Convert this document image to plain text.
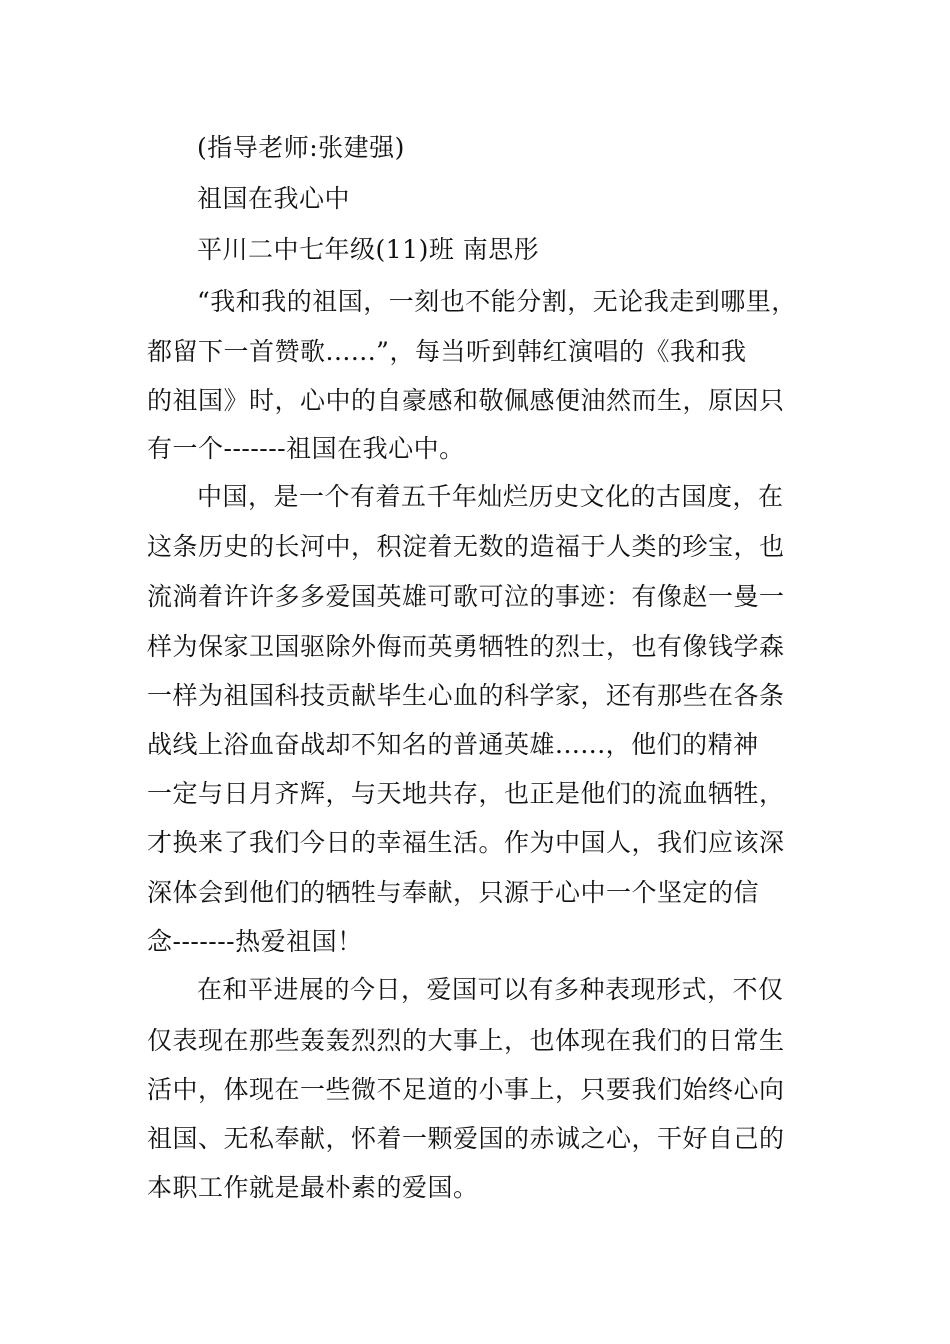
(指导老师:张建强)
祖国在我心中
平川二中七年级(11)班 南思彤
“我和我的祖国，一刻也不能分割，无论我走到哪里，
都留下一首赞歌......”，每当听到韩红演唱的《我和我
的祖国》时，心中的自豪感和敬佩感便油然而生，原因只
有一个-------祖国在我心中。
中国，是一个有着五千年灿烂历史文化的古国度，在
这条历史的长河中，积淀着无数的造福于人类的珍宝，也
流淌着许许多多爱国英雄可歌可泣的事迹：有像赵一曼一
样为保家卫国驱除外侮而英勇牺牲的烈士，也有像钱学森
一样为祖国科技贡献毕生心血的科学家，还有那些在各条
战线上浴血奋战却不知名的普通英雄......，他们的精神
一定与日月齐辉，与天地共存，也正是他们的流血牺牲，
才换来了我们今日的幸福生活。作为中国人，我们应该深
深体会到他们的牺牲与奉献，只源于心中一个坚定的信
念-------热爱祖国！
在和平进展的今日，爱国可以有多种表现形式，不仅
仅表现在那些轰轰烈烈的大事上，也体现在我们的日常生
活中，体现在一些微不足道的小事上，只要我们始终心向
祖国、无私奉献，怀着一颗爱国的赤诚之心，干好自己的
本职工作就是最朴素的爱国。
